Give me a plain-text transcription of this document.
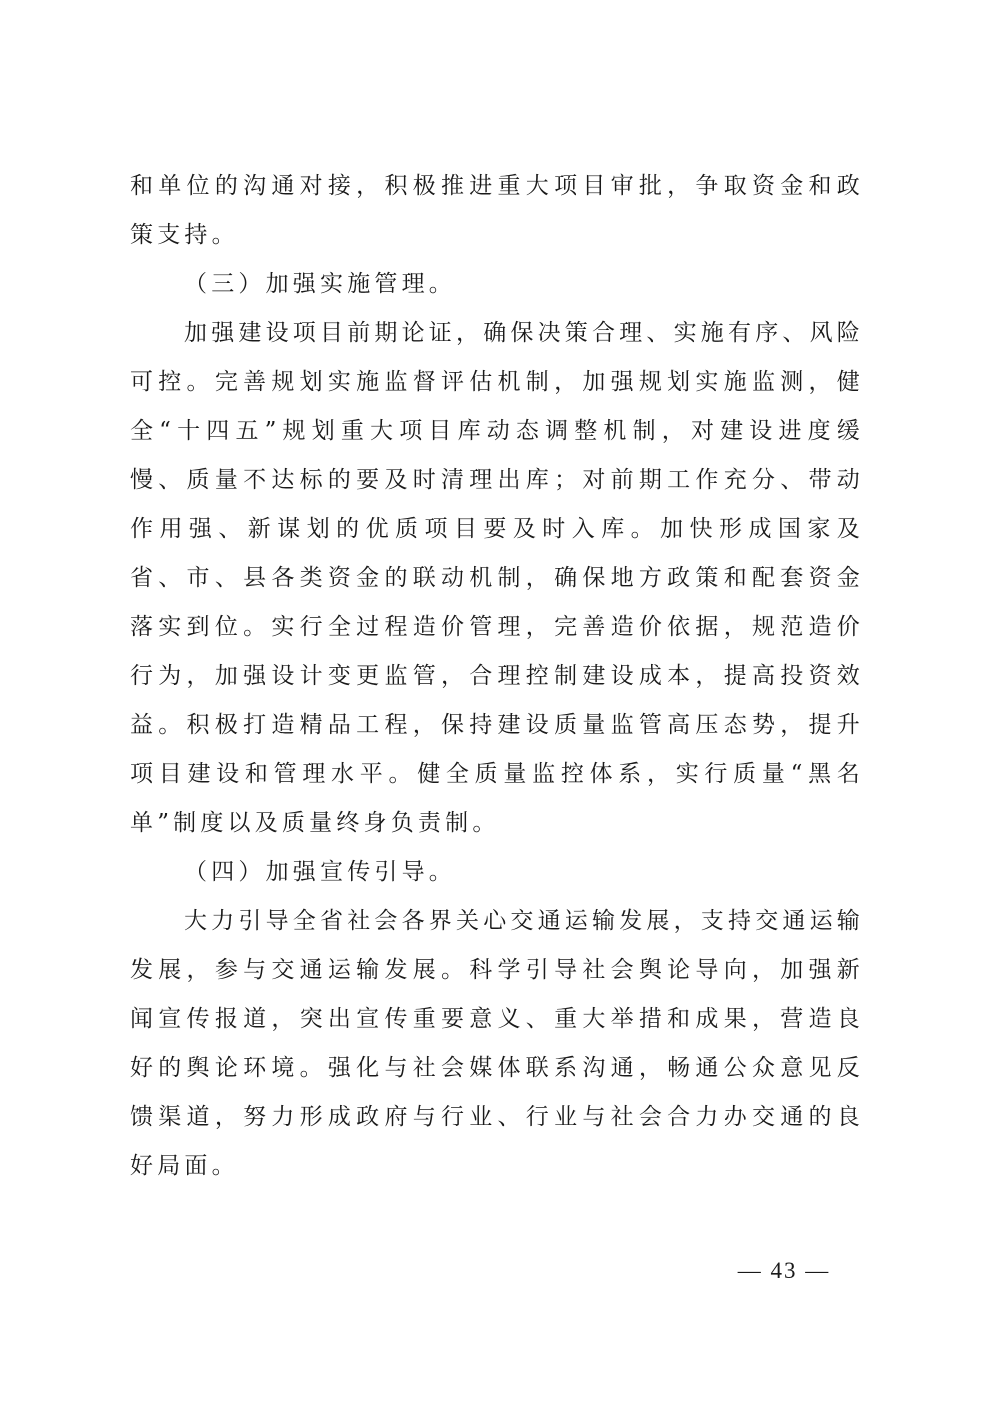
和单位的沟通对接，积极推进重大项目审批，争取资金和政策支持。

（三）加强实施管理。

加强建设项目前期论证，确保决策合理、实施有序、风险可控。完善规划实施监督评估机制，加强规划实施监测，健全“十四五”规划重大项目库动态调整机制，对建设进度缓慢、质量不达标的要及时清理出库；对前期工作充分、带动作用强、新谋划的优质项目要及时入库。加快形成国家及省、市、县各类资金的联动机制，确保地方政策和配套资金落实到位。实行全过程造价管理，完善造价依据，规范造价行为，加强设计变更监管，合理控制建设成本，提高投资效益。积极打造精品工程，保持建设质量监管高压态势，提升项目建设和管理水平。健全质量监控体系，实行质量“黑名单”制度以及质量终身负责制。

（四）加强宣传引导。

大力引导全省社会各界关心交通运输发展，支持交通运输发展，参与交通运输发展。科学引导社会舆论导向，加强新闻宣传报道，突出宣传重要意义、重大举措和成果，营造良好的舆论环境。强化与社会媒体联系沟通，畅通公众意见反馈渠道，努力形成政府与行业、行业与社会合力办交通的良好局面。

— 43 —
